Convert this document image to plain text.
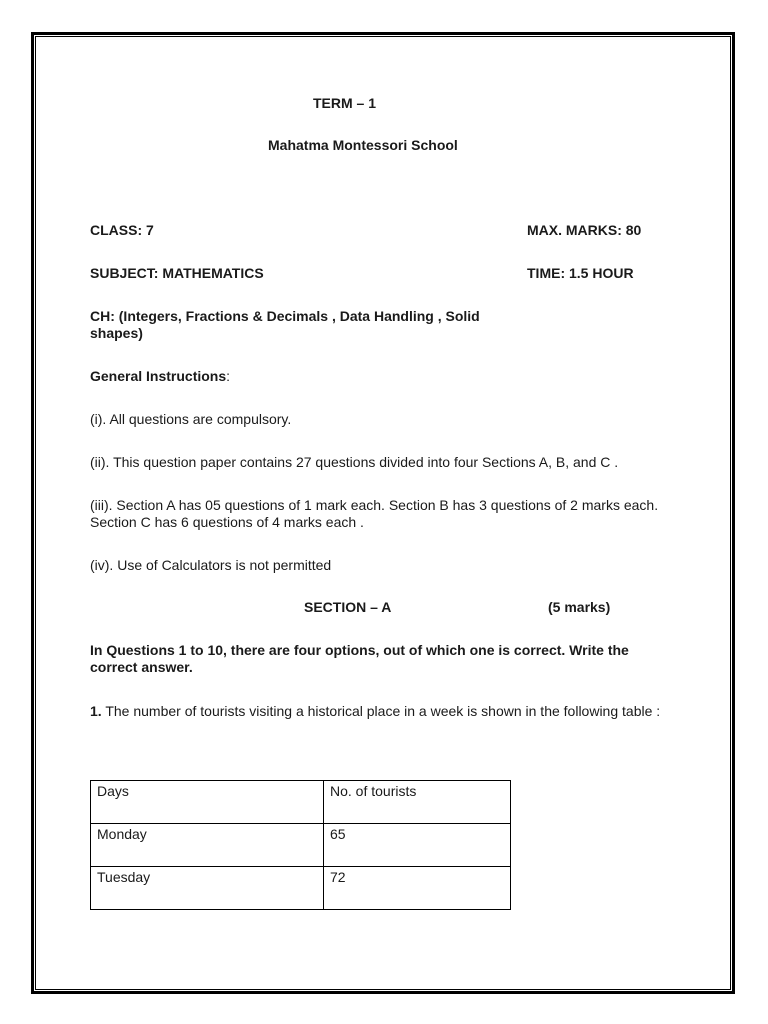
TERM – 1
Mahatma Montessori School
CLASS: 7	MAX. MARKS: 80
SUBJECT: MATHEMATICS	TIME: 1.5 HOUR
CH: (Integers, Fractions & Decimals , Data Handling , Solid
shapes)
General Instructions:
(i). All questions are compulsory.
(ii). This question paper contains 27 questions divided into four Sections A, B, and C .
(iii). Section A has 05 questions of 1 mark each. Section B has 3 questions of 2 marks each. Section C has 6 questions of 4 marks each .
(iv). Use of Calculators is not permitted
SECTION – A	(5 marks)
In Questions 1 to 10, there are four options, out of which one is correct. Write the correct answer.
1. The number of tourists visiting a historical place in a week is shown in the following table :
Days	No. of tourists
Monday	65
Tuesday	72
